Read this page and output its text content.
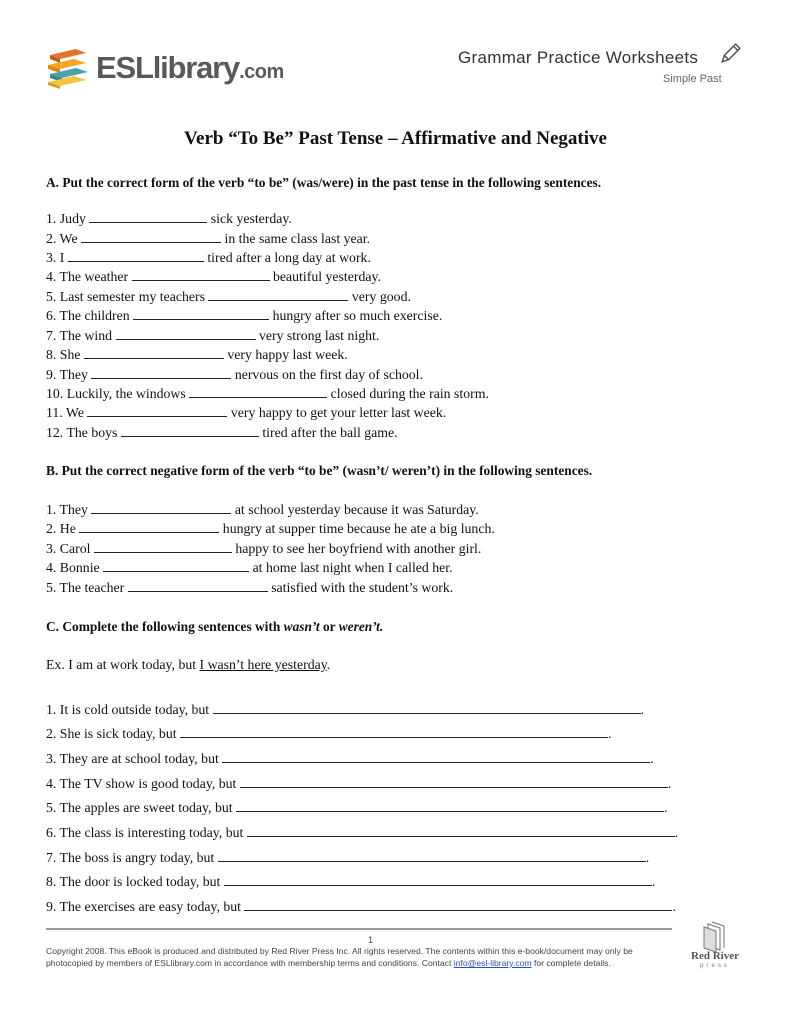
ESLlibrary.com
Grammar Practice Worksheets
Simple Past
Verb “To Be” Past Tense – Affirmative and Negative
A. Put the correct form of the verb “to be” (was/were) in the past tense in the following sentences.
1. Judy	sick yesterday.
2. We	in the same class last year.
3. I	tired after a long day at work.
4. The weather	beautiful yesterday.
5. Last semester my teachers	very good.
6. The children	hungry after so much exercise.
7. The wind	very strong last night.
8. She	very happy last week.
9. They	nervous on the first day of school.
10. Luckily, the windows	closed during the rain storm.
11. We	very happy to get your letter last week.
12. The boys	tired after the ball game.
B. Put the correct negative form of the verb “to be” (wasn’t/ weren’t) in the following sentences.
1. They	at school yesterday because it was Saturday.
2. He	hungry at supper time because he ate a big lunch.
3. Carol	happy to see her boyfriend with another girl.
4. Bonnie	at home last night when I called her.
5. The teacher	satisfied with the student’s work.
C. Complete the following sentences with wasn’t or weren’t.
Ex. I am at work today, but I wasn’t here yesterday.
1. It is cold outside today, but	.
2. She is sick today, but	.
3. They are at school today, but	.
4. The TV show is good today, but	.
5. The apples are sweet today, but	.
6. The class is interesting today, but	.
7. The boss is angry today, but	.
8. The door is locked today, but	.
9. The exercises are easy today, but	.
1
Copyright 2008. This eBook is produced and distributed by Red River Press Inc. All rights reserved. The contents within this e-book/document may only be
photocopied by members of ESLlibrary.com in accordance with membership terms and conditions. Contact info@esl-library.com for complete details.
Red River
press
